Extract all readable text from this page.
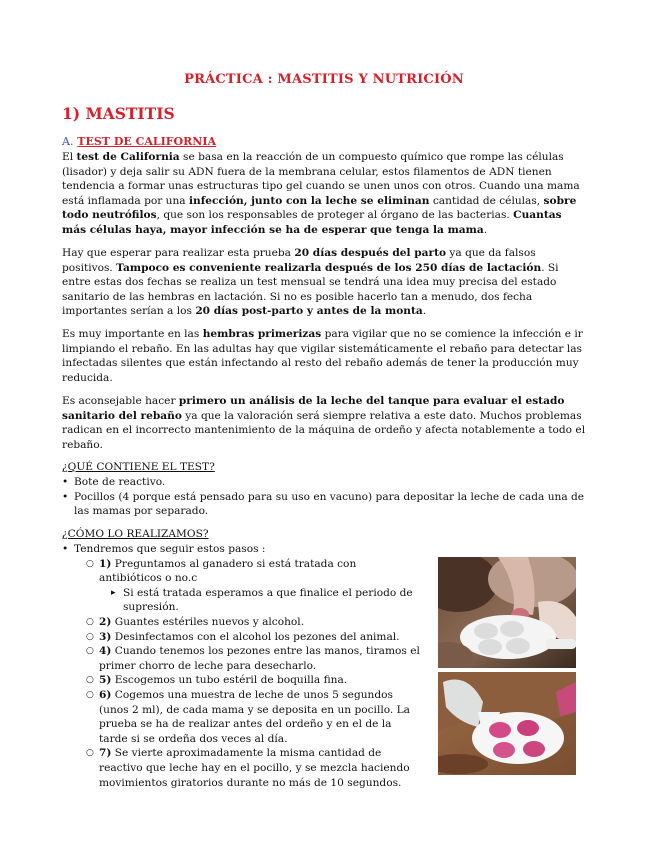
PRÁCTICA : MASTITIS Y NUTRICIÓN
1) MASTITIS
A. TEST DE CALIFORNIA

El test de California se basa en la reacción de un compuesto químico que rompe las células (lisador) y deja salir su ADN fuera de la membrana celular, estos filamentos de ADN tienen tendencia a formar unas estructuras tipo gel cuando se unen unos con otros. Cuando una mama está inflamada por una infección, junto con la leche se eliminan cantidad de células, sobre todo neutrófilos, que son los responsables de proteger al órgano de las bacterias. Cuantas más células haya, mayor infección se ha de esperar que tenga la mama.

Hay que esperar para realizar esta prueba 20 días después del parto ya que da falsos positivos. Tampoco es conveniente realizarla después de los 250 días de lactación. Si entre estas dos fechas se realiza un test mensual se tendrá una idea muy precisa del estado sanitario de las hembras en lactación. Si no es posible hacerlo tan a menudo, dos fecha importantes serían a los 20 días post-parto y antes de la monta.

Es muy importante en las hembras primerizas para vigilar que no se comience la infección e ir limpiando el rebaño. En las adultas hay que vigilar sistemáticamente el rebaño para detectar las infectadas silentes que están infectando al resto del rebaño además de tener la producción muy reducida.

Es aconsejable hacer primero un análisis de la leche del tanque para evaluar el estado sanitario del rebaño ya que la valoración será siempre relativa a este dato. Muchos problemas radican en el incorrecto mantenimiento de la máquina de ordeño y afecta notablemente a todo el rebaño.

¿QUÉ CONTIENE EL TEST?
• Bote de reactivo.
• Pocillos (4 porque está pensado para su uso en vacuno) para depositar la leche de cada una de las mamas por separado.
¿CÓMO LO REALIZAMOS?
• Tendremos que seguir estos pasos :
○ 1) Preguntamos al ganadero si está tratada con antibióticos o no.c
▸ Si está tratada esperamos a que finalice el periodo de supresión.
○ 2) Guantes estériles nuevos y alcohol.
○ 3) Desinfectamos con el alcohol los pezones del animal.
○ 4) Cuando tenemos los pezones entre las manos, tiramos el primer chorro de leche para desecharlo.
○ 5) Escogemos un tubo estéril de boquilla fina.
○ 6) Cogemos una muestra de leche de unos 5 segundos (unos 2 ml), de cada mama y se deposita en un pocillo. La prueba se ha de realizar antes del ordeño y en el de la tarde si se ordeña dos veces al día.
○ 7) Se vierte aproximadamente la misma cantidad de reactivo que leche hay en el pocillo, y se mezcla haciendo movimientos giratorios durante no más de 10 segundos.
